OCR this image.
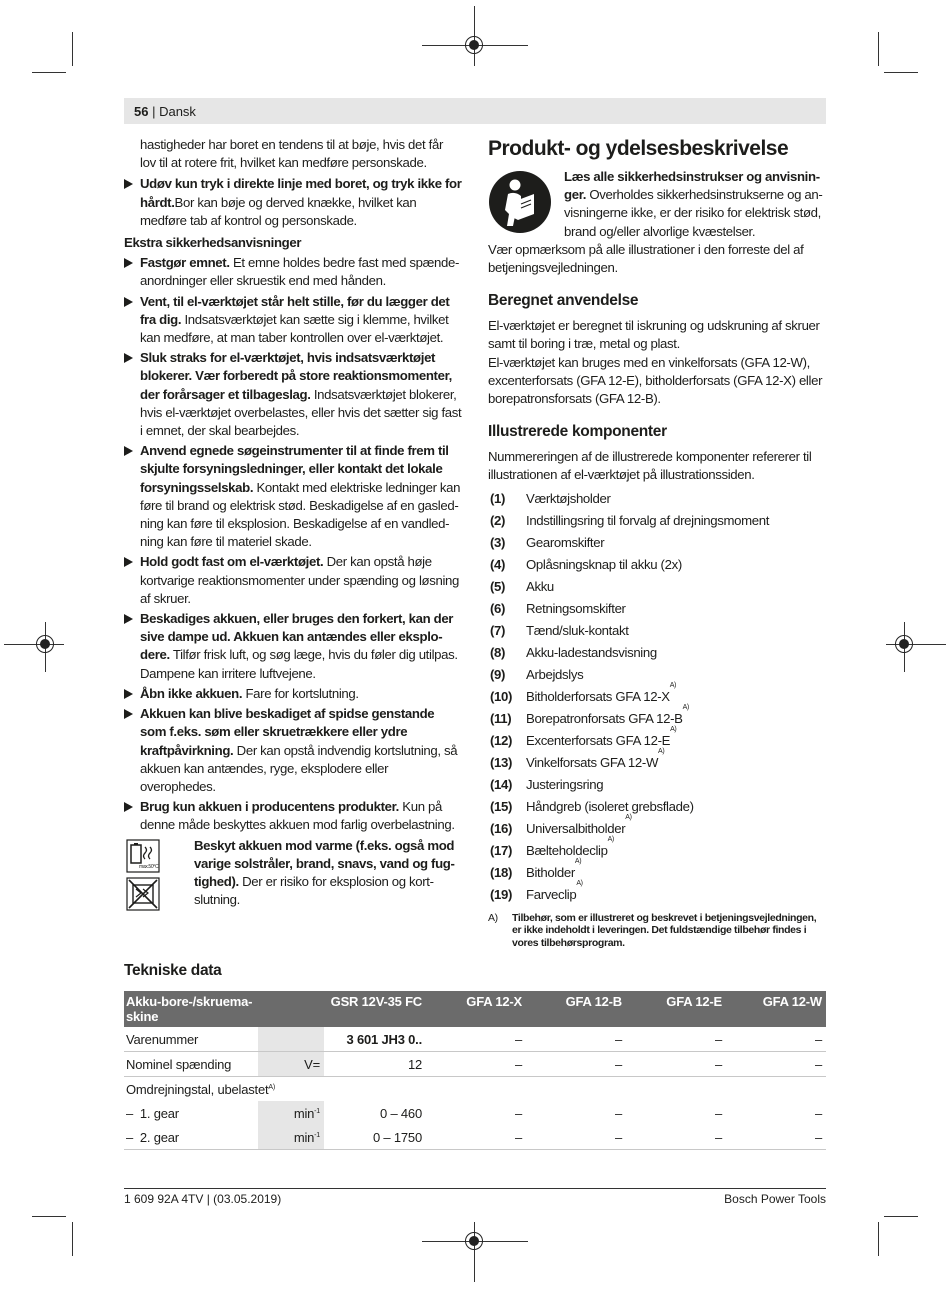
56 | Dansk

hastigheder har boret en tendens til at bøje, hvis det får lov til at rotere frit, hvilket kan medføre personskade.

Udøv kun tryk i direkte linje med boret, og tryk ikke for hårdt.Bor kan bøje og derved knække, hvilket kan medføre tab af kontrol og personskade.
Ekstra sikkerhedsanvisninger
Fastgør emnet. Et emne holdes bedre fast med spændeanordninger eller skruestik end med hånden.
Vent, til el-værktøjet står helt stille, før du lægger det fra dig. Indsatsværktøjet kan sætte sig i klemme, hvilket kan medføre, at man taber kontrollen over el-værktøjet.
Sluk straks for el-værktøjet, hvis indsatsværktøjet blokerer. Vær forberedt på store reaktionsmomenter, der forårsager et tilbageslag. Indsatsværktøjet blokerer, hvis el-værktøjet overbelastes, eller hvis det sætter sig fast i emnet, der skal bearbejdes.
Anvend egnede søgeinstrumenter til at finde frem til skjulte forsyningsledninger, eller kontakt det lokale forsyningsselskab. Kontakt med elektriske ledninger kan føre til brand og elektrisk stød. Beskadigelse af en gasledning kan føre til eksplosion. Beskadigelse af en vandledning kan føre til materiel skade.
Hold godt fast om el-værktøjet. Der kan opstå høje kortvarige reaktionsmomenter under spænding og løsning af skruer.
Beskadiges akkuen, eller bruges den forkert, kan der sive dampe ud. Akkuen kan antændes eller eksplodere. Tilfør frisk luft, og søg læge, hvis du føler dig utilpas. Dampene kan irritere luftvejene.
Åbn ikke akkuen. Fare for kortslutning.
Akkuen kan blive beskadiget af spidse genstande som f.eks. søm eller skruetrækkere eller ydre kraftpåvirkning. Der kan opstå indvendig kortslutning, så akkuen kan antændes, ryge, eksplodere eller overophedes.
Brug kun akkuen i producentens produkter. Kun på denne måde beskyttes akkuen mod farlig overbelastning.
max.50°C
Beskyt akkuen mod varme (f.eks. også mod varige solstråler, brand, snavs, vand og fugtighed). Der er risiko for eksplosion og kortslutning.
Produkt- og ydelsesbeskrivelse
Læs alle sikkerhedsinstrukser og anvisninger. Overholdes sikkerhedsinstrukserne og anvisningerne ikke, er der risiko for elektrisk stød, brand og/eller alvorlige kvæstelser.

Vær opmærksom på alle illustrationer i den forreste del af betjeningsvejledningen.

Beregnet anvendelse

El-værktøjet er beregnet til iskruning og udskruning af skruer samt til boring i træ, metal og plast.

El-værktøjet kan bruges med en vinkelforsats (GFA 12-W), excenterforsats (GFA 12-E), bitholderforsats (GFA 12-X) eller borepatronsforsats (GFA 12-B).

Illustrerede komponenter

Nummereringen af de illustrerede komponenter refererer til illustrationen af el-værktøjet på illustrationssiden.

(1)	Værktøjsholder
(2)	Indstillingsring til forvalg af drejningsmoment
(3)	Gearomskifter
(4)	Oplåsningsknap til akku (2x)
(5)	Akku
(6)	Retningsomskifter
(7)	Tænd/sluk-kontakt
(8)	Akku-ladestandsvisning
(9)	Arbejdslys
(10)	Bitholderforsats GFA 12-X
A)
(11)	Borepatronforsats GFA 12-B
A)
(12)	Excenterforsats GFA 12-E
A)
(13)	Vinkelforsats GFA 12-W
A)
(14)	Justeringsring
(15)	Håndgreb (isoleret grebsflade)
(16)	Universalbitholder
A)
(17)	Bælteholdeclip
A)
(18)	Bitholder
A)
(19)	Farveclip
A)
A)	Tilbehør, som er illustreret og beskrevet i betjeningsvejledningen, er ikke indeholdt i leveringen. Det fuldstændige tilbehør findes i vores tilbehørsprogram.
Tekniske data
Akku-bore-/skruemaskine		GSR 12V-35 FC	GFA 12-X	GFA 12-B	GFA 12-E	GFA 12-W
Varenummer		3 601 JH3 0..	–	–	–	–
Nominel spænding	V=	12	–	–	–	–
Omdrejningstal, ubelastet$^{A)}$					
– 1. gear	$\min^{-1}$	0 – 460	–	–	–	–
– 2. gear	$\min^{-1}$	0 – 1750	–	–	–	–
1 609 92A 4TV | (03.05.2019)	Bosch Power Tools
